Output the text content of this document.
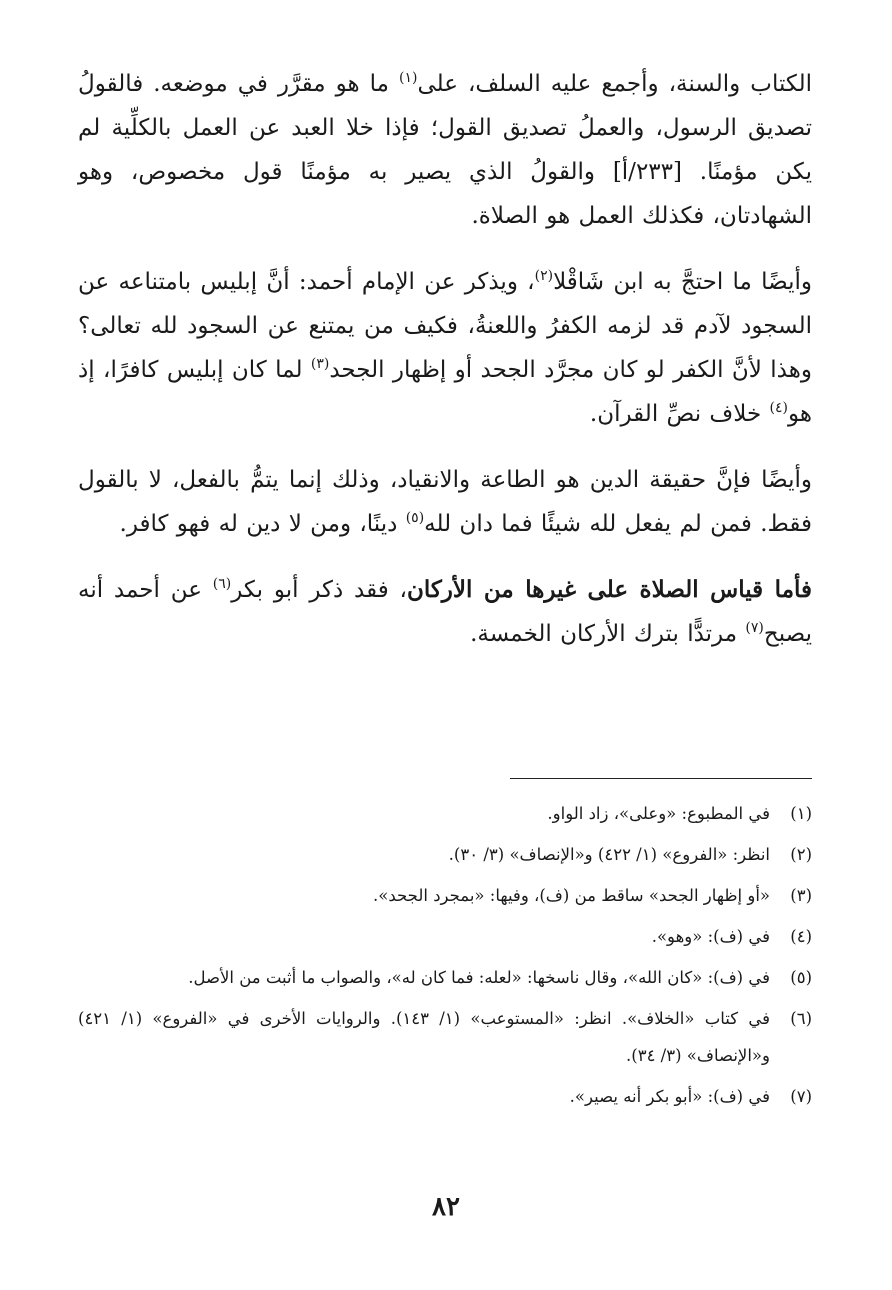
الكتاب والسنة، وأجمع عليه السلف، على$^{(١)}$ ما هو مقرَّر في موضعه. فالقولُ تصديق الرسول، والعملُ تصديق القول؛ فإذا خلا العبد عن العمل بالكلِّية لم يكن مؤمنًا. [٢٣٣/أ] والقولُ الذي يصير به مؤمنًا قول مخصوص، وهو الشهادتان، فكذلك العمل هو الصلاة.

وأيضًا ما احتجَّ به ابن شَاقْلا$^{(٢)}$، ويذكر عن الإمام أحمد: أنَّ إبليس بامتناعه عن السجود لآدم قد لزمه الكفرُ واللعنةُ، فكيف من يمتنع عن السجود لله تعالى؟ وهذا لأنَّ الكفر لو كان مجرَّد الجحد أو إظهار الجحد$^{(٣)}$ لما كان إبليس كافرًا، إذ هو$^{(٤)}$ خلاف نصِّ القرآن.

وأيضًا فإنَّ حقيقة الدين هو الطاعة والانقياد، وذلك إنما يتمُّ بالفعل، لا بالقول فقط. فمن لم يفعل لله شيئًا فما دان لله$^{(٥)}$ دينًا، ومن لا دين له فهو كافر.

فأما قياس الصلاة على غيرها من الأركان، فقد ذكر أبو بكر$^{(٦)}$ عن أحمد أنه يصبح$^{(٧)}$ مرتدًّا بترك الأركان الخمسة.

(١)
في المطبوع: «وعلى»، زاد الواو.
(٢)
انظر: «الفروع» (١/ ٤٢٢) و«الإنصاف» (٣/ ٣٠).
(٣)
«أو إظهار الجحد» ساقط من (ف)، وفيها: «بمجرد الجحد».
(٤)
في (ف): «وهو».
(٥)
في (ف): «كان الله»، وقال ناسخها: «لعله: فما كان له»، والصواب ما أثبت من الأصل.
(٦)
في كتاب «الخلاف». انظر: «المستوعب» (١/ ١٤٣). والروايات الأخرى في «الفروع» (١/ ٤٢١) و«الإنصاف» (٣/ ٣٤).
(٧)
في (ف): «أبو بكر أنه يصير».
٨٢
